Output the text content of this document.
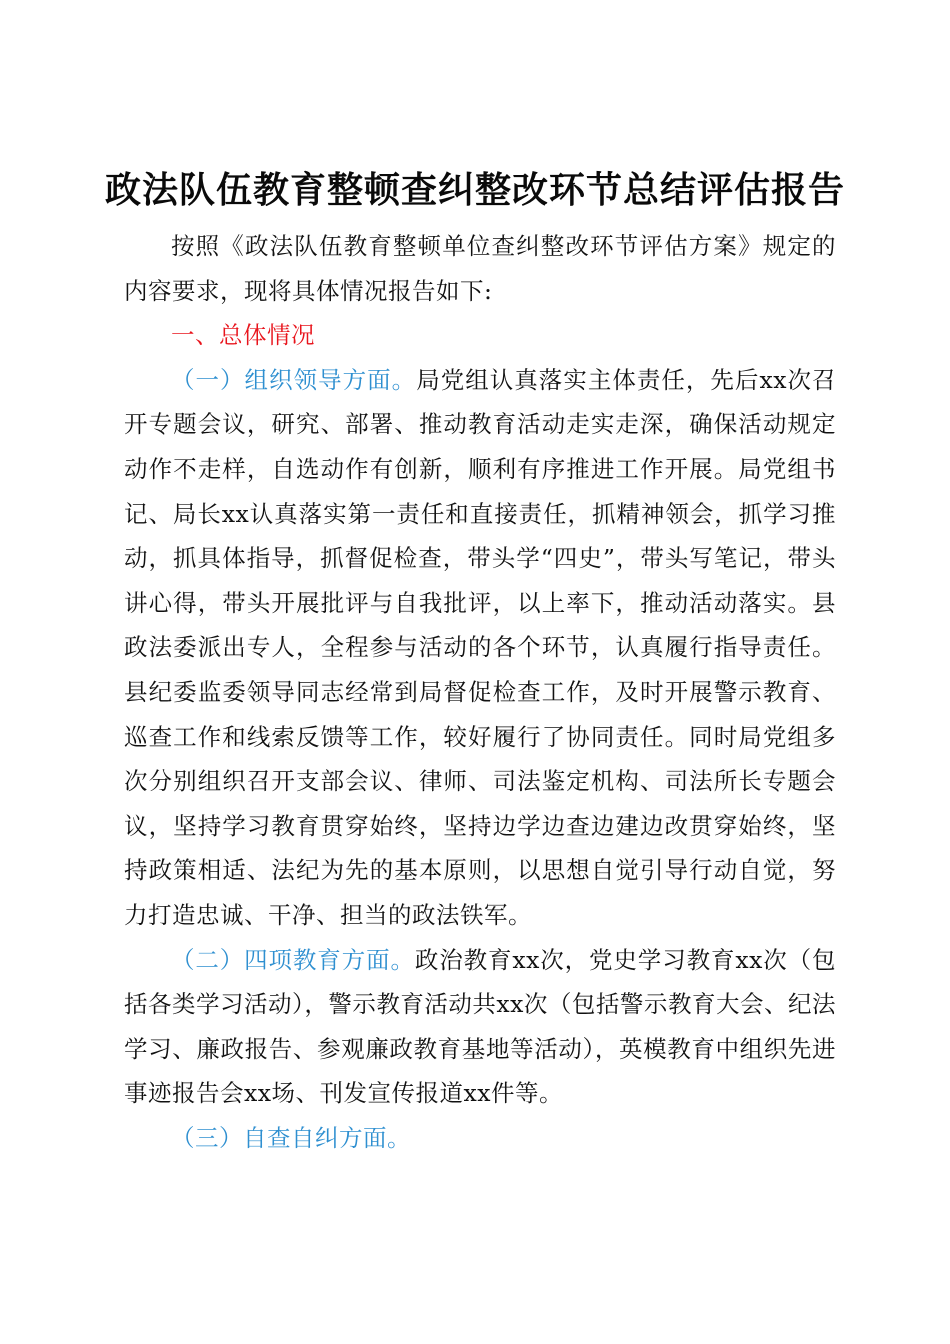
政法队伍教育整顿查纠整改环节总结评估报告

按照《政法队伍教育整顿单位查纠整改环节评估方案》规定的内容要求，现将具体情况报告如下:

一、总体情况

（一）组织领导方面。局党组认真落实主体责任，先后xx次召开专题会议，研究、部署、推动教育活动走实走深，确保活动规定动作不走样，自选动作有创新，顺利有序推进工作开展。局党组书记、局长xx认真落实第一责任和直接责任，抓精神领会，抓学习推动，抓具体指导，抓督促检查，带头学“四史”，带头写笔记，带头讲心得，带头开展批评与自我批评，以上率下，推动活动落实。县政法委派出专人，全程参与活动的各个环节，认真履行指导责任。县纪委监委领导同志经常到局督促检查工作，及时开展警示教育、巡查工作和线索反馈等工作，较好履行了协同责任。同时局党组多次分别组织召开支部会议、律师、司法鉴定机构、司法所长专题会议，坚持学习教育贯穿始终，坚持边学边查边建边改贯穿始终，坚持政策相适、法纪为先的基本原则，以思想自觉引导行动自觉，努力打造忠诚、干净、担当的政法铁军。

（二）四项教育方面。政治教育xx次，党史学习教育xx次（包括各类学习活动），警示教育活动共xx次（包括警示教育大会、纪法学习、廉政报告、参观廉政教育基地等活动），英模教育中组织先进事迹报告会xx场、刊发宣传报道xx件等。

（三）自查自纠方面。
